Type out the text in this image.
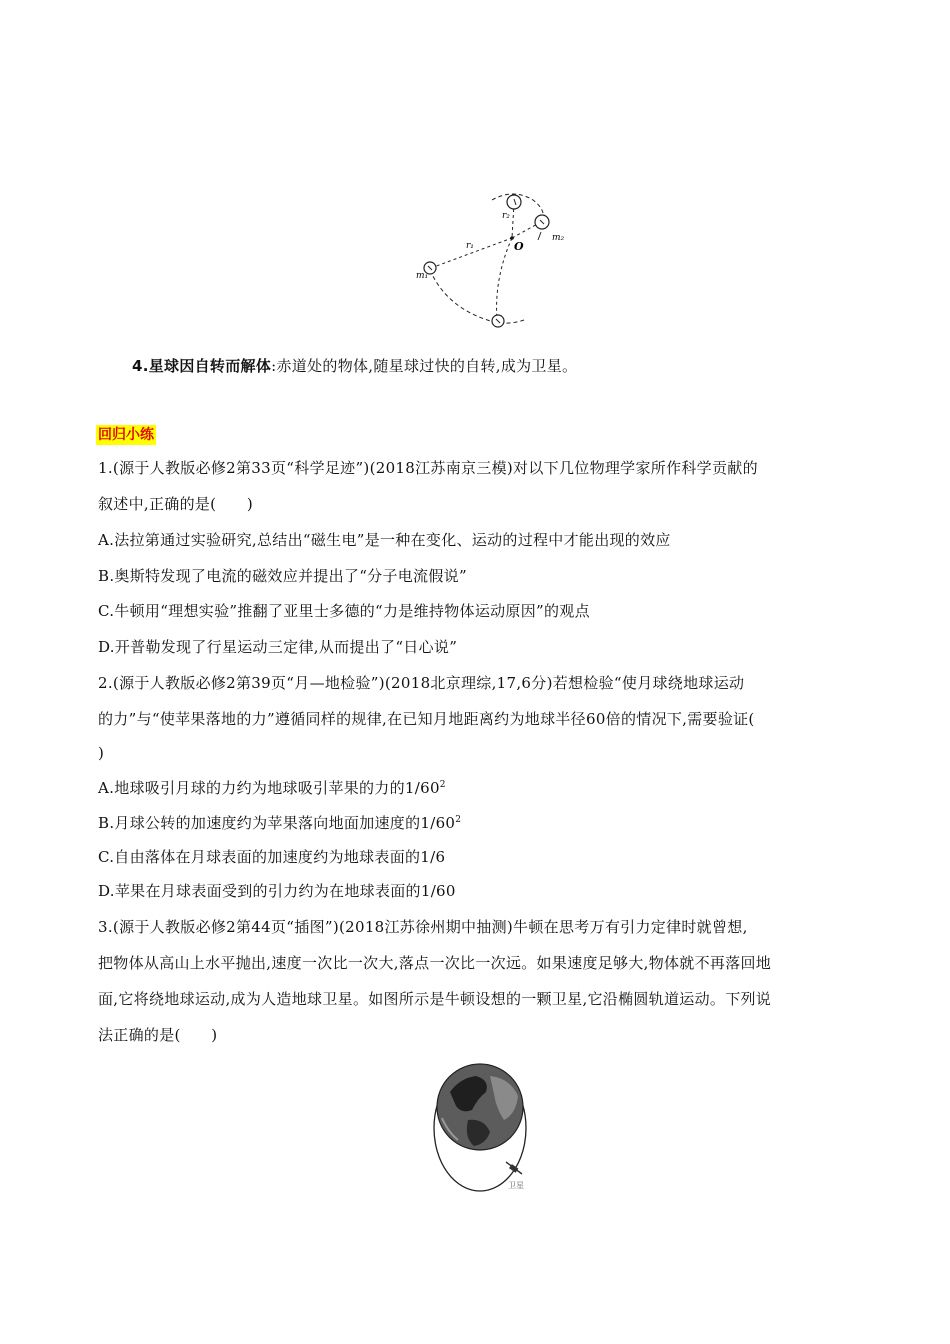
r₂
r₁	O
m₂
m₁
4.星球因自转而解体:赤道处的物体,随星球过快的自转,成为卫星。
回归小练
1.(源于人教版必修2第33页“科学足迹”)(2018江苏南京三模)对以下几位物理学家所作科学贡献的
叙述中,正确的是(　　)
A.法拉第通过实验研究,总结出“磁生电”是一种在变化、运动的过程中才能出现的效应
B.奥斯特发现了电流的磁效应并提出了“分子电流假说”
C.牛顿用“理想实验”推翻了亚里士多德的“力是维持物体运动原因”的观点
D.开普勒发现了行星运动三定律,从而提出了“日心说”
2.(源于人教版必修2第39页“月—地检验”)(2018北京理综,17,6分)若想检验“使月球绕地球运动
的力”与“使苹果落地的力”遵循同样的规律,在已知月地距离约为地球半径60倍的情况下,需要验证(
)
A.地球吸引月球的力约为地球吸引苹果的力的$1/60^2$
B.月球公转的加速度约为苹果落向地面加速度的$1/60^2$
C.自由落体在月球表面的加速度约为地球表面的1/6
D.苹果在月球表面受到的引力约为在地球表面的1/60
3.(源于人教版必修2第44页“插图”)(2018江苏徐州期中抽测)牛顿在思考万有引力定律时就曾想,
把物体从高山上水平抛出,速度一次比一次大,落点一次比一次远。如果速度足够大,物体就不再落回地
面,它将绕地球运动,成为人造地球卫星。如图所示是牛顿设想的一颗卫星,它沿椭圆轨道运动。下列说
法正确的是(　　)
卫星
